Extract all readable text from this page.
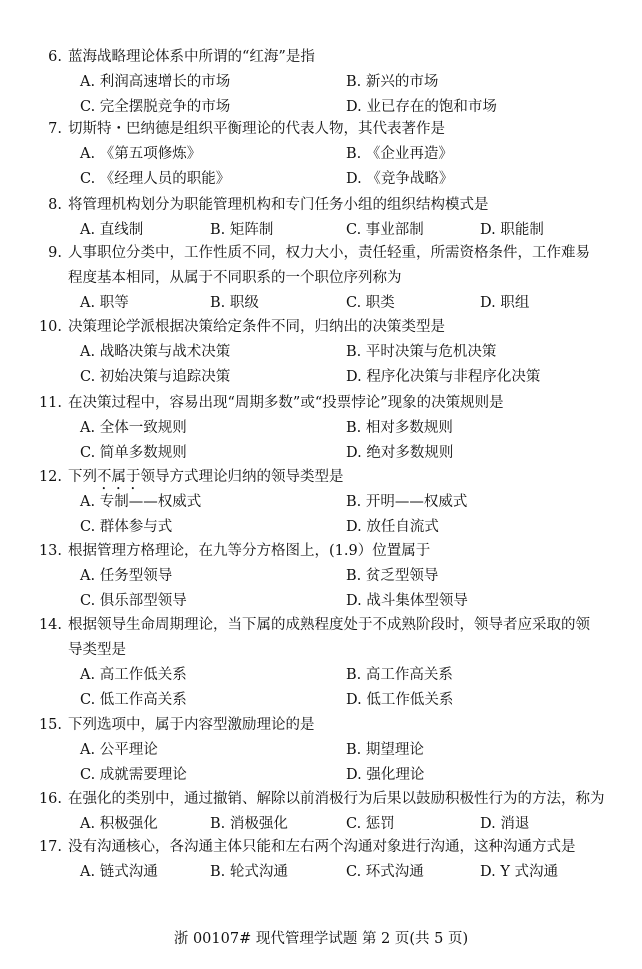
6. 蓝海战略理论体系中所谓的“红海”是指
A. 利润高速增长的市场	B. 新兴的市场
C. 完全摆脱竞争的市场	D. 业已存在的饱和市场
7. 切斯特・巴纳德是组织平衡理论的代表人物，其代表著作是
A. 《第五项修炼》	B. 《企业再造》
C. 《经理人员的职能》	D. 《竞争战略》
8. 将管理机构划分为职能管理机构和专门任务小组的组织结构模式是
A. 直线制	B. 矩阵制	C. 事业部制	D. 职能制
9. 人事职位分类中，工作性质不同，权力大小，责任轻重，所需资格条件，工作难易
程度基本相同，从属于不同职系的一个职位序列称为
A. 职等	B. 职级	C. 职类	D. 职组
10. 决策理论学派根据决策给定条件不同，归纳出的决策类型是
A. 战略决策与战术决策	B. 平时决策与危机决策
C. 初始决策与追踪决策	D. 程序化决策与非程序化决策
11. 在决策过程中，容易出现“周期多数”或“投票悖论”现象的决策规则是
A. 全体一致规则	B. 相对多数规则
C. 简单多数规则	D. 绝对多数规则
12. 下列不属于领导方式理论归纳的领导类型是
A. 专制——权威式	B. 开明——权威式
C. 群体参与式	D. 放任自流式
13. 根据管理方格理论，在九等分方格图上，(1.9）位置属于
A. 任务型领导	B. 贫乏型领导
C. 俱乐部型领导	D. 战斗集体型领导
14. 根据领导生命周期理论，当下属的成熟程度处于不成熟阶段时，领导者应采取的领
导类型是
A. 高工作低关系	B. 高工作高关系
C. 低工作高关系	D. 低工作低关系
15. 下列选项中，属于内容型激励理论的是
A. 公平理论	B. 期望理论
C. 成就需要理论	D. 强化理论
16. 在强化的类别中，通过撤销、解除以前消极行为后果以鼓励积极性行为的方法，称为
A. 积极强化	B. 消极强化	C. 惩罚	D. 消退
17. 没有沟通核心，各沟通主体只能和左右两个沟通对象进行沟通，这种沟通方式是
A. 链式沟通	B. 轮式沟通	C. 环式沟通	D. Y 式沟通
浙 00107# 现代管理学试题 第 2 页(共 5 页)
